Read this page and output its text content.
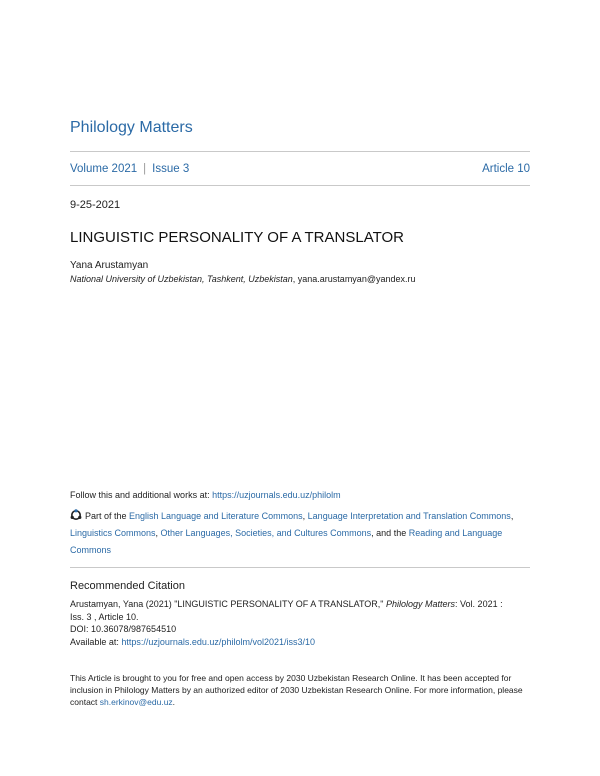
Philology Matters
Volume 2021 | Issue 3	Article 10
9-25-2021
LINGUISTIC PERSONALITY OF A TRANSLATOR
Yana Arustamyan
National University of Uzbekistan, Tashkent, Uzbekistan, yana.arustamyan@yandex.ru
Follow this and additional works at: https://uzjournals.edu.uz/philolm
Part of the English Language and Literature Commons, Language Interpretation and Translation Commons, Linguistics Commons, Other Languages, Societies, and Cultures Commons, and the Reading and Language Commons
Recommended Citation
Arustamyan, Yana (2021) "LINGUISTIC PERSONALITY OF A TRANSLATOR," Philology Matters: Vol. 2021 :
Iss. 3 , Article 10.
DOI: 10.36078/987654510
Available at: https://uzjournals.edu.uz/philolm/vol2021/iss3/10
This Article is brought to you for free and open access by 2030 Uzbekistan Research Online. It has been accepted for inclusion in Philology Matters by an authorized editor of 2030 Uzbekistan Research Online. For more information, please contact sh.erkinov@edu.uz.
